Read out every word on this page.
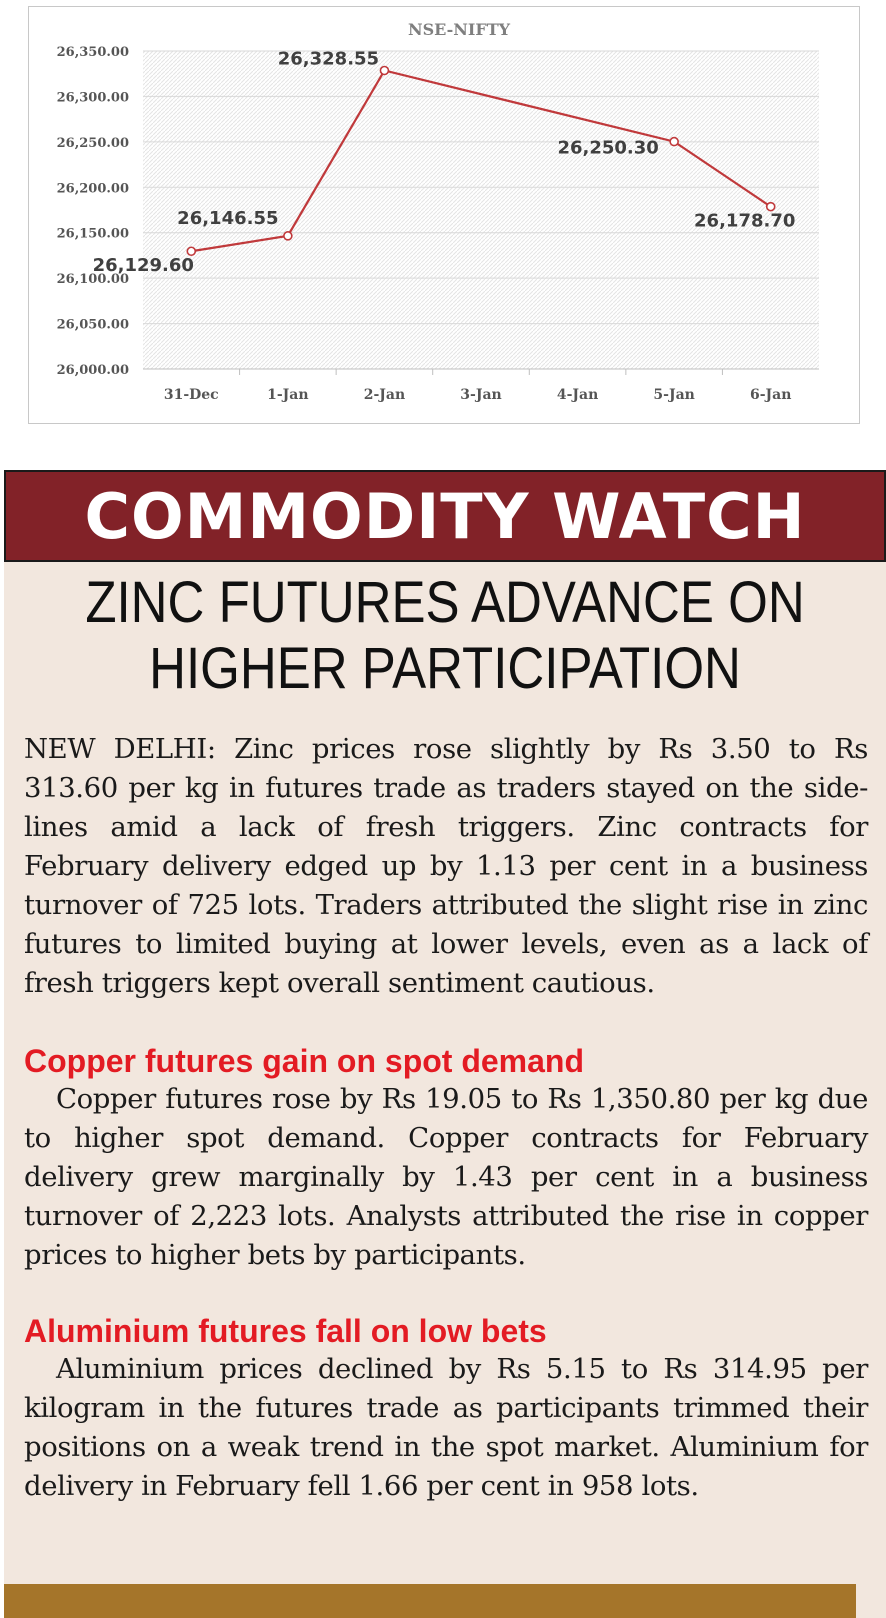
NSE-NIFTY
26,000.00
26,050.00
26,100.00
26,150.00
26,200.00
26,250.00
26,300.00
26,350.00
31-Dec	1-Jan	2-Jan	3-Jan	4-Jan	5-Jan	6-Jan
26,129.60
26,146.55
26,328.55
26,250.30
26,178.70
COMMODITY WATCH
ZINC FUTURES ADVANCE ON HIGHER PARTICIPATION

NEW DELHI: Zinc prices rose slightly by Rs 3.50 to Rs 313.60 per kg in futures trade as traders stayed on the side-lines amid a lack of fresh triggers. Zinc contracts for February delivery edged up by 1.13 per cent in a business turnover of 725 lots. Traders attributed the slight rise in zinc futures to limited buying at lower levels, even as a lack of fresh triggers kept overall sentiment cautious.

Copper futures gain on spot demand

Copper futures rose by Rs 19.05 to Rs 1,350.80 per kg due to higher spot demand. Copper contracts for February delivery grew marginally by 1.43 per cent in a business turnover of 2,223 lots. Analysts attributed the rise in copper prices to higher bets by participants.

Aluminium futures fall on low bets

Aluminium prices declined by Rs 5.15 to Rs 314.95 per kilogram in the futures trade as participants trimmed their positions on a weak trend in the spot market. Aluminium for delivery in February fell 1.66 per cent in 958 lots.
